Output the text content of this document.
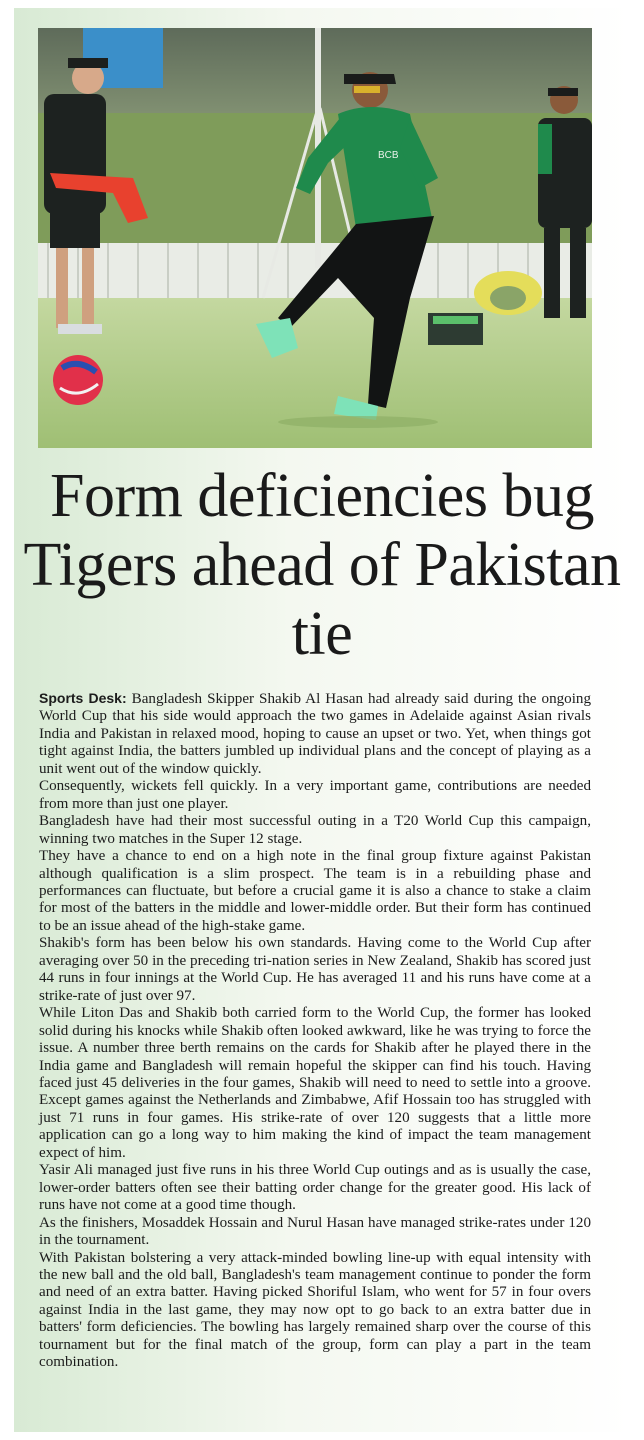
BCB
Form deficiencies bug Tigers ahead of Pakistan tie

Sports Desk: Bangladesh Skipper Shakib Al Hasan had already said during the ongoing World Cup that his side would approach the two games in Adelaide against Asian rivals India and Pakistan in relaxed mood, hoping to cause an upset or two. Yet, when things got tight against India, the batters jumbled up individual plans and the concept of playing as a unit went out of the window quickly.

Consequently, wickets fell quickly. In a very important game, contributions are needed from more than just one player.

Bangladesh have had their most successful outing in a T20 World Cup this campaign, winning two matches in the Super 12 stage.

They have a chance to end on a high note in the final group fixture against Pakistan although qualification is a slim prospect. The team is in a rebuilding phase and performances can fluctuate, but before a crucial game it is also a chance to stake a claim for most of the batters in the middle and lower-middle order. But their form has continued to be an issue ahead of the high-stake game.

Shakib's form has been below his own standards. Having come to the World Cup after averaging over 50 in the preceding tri-nation series in New Zealand, Shakib has scored just 44 runs in four innings at the World Cup. He has averaged 11 and his runs have come at a strike-rate of just over 97.

While Liton Das and Shakib both carried form to the World Cup, the former has looked solid during his knocks while Shakib often looked awkward, like he was trying to force the issue. A number three berth remains on the cards for Shakib after he played there in the India game and Bangladesh will remain hopeful the skipper can find his touch. Having faced just 45 deliveries in the four games, Shakib will need to need to settle into a groove. Except games against the Netherlands and Zimbabwe, Afif Hossain too has struggled with just 71 runs in four games. His strike-rate of over 120 suggests that a little more application can go a long way to him making the kind of impact the team management expect of him.

Yasir Ali managed just five runs in his three World Cup outings and as is usually the case, lower-order batters often see their batting order change for the greater good. His lack of runs have not come at a good time though.

As the finishers, Mosaddek Hossain and Nurul Hasan have managed strike-rates under 120 in the tournament.

With Pakistan bolstering a very attack-minded bowling line-up with equal intensity with the new ball and the old ball, Bangladesh's team management continue to ponder the form and need of an extra batter. Having picked Shoriful Islam, who went for 57 in four overs against India in the last game, they may now opt to go back to an extra batter due in batters' form deficiencies. The bowling has largely remained sharp over the course of this tournament but for the final match of the group, form can play a part in the team combination.
